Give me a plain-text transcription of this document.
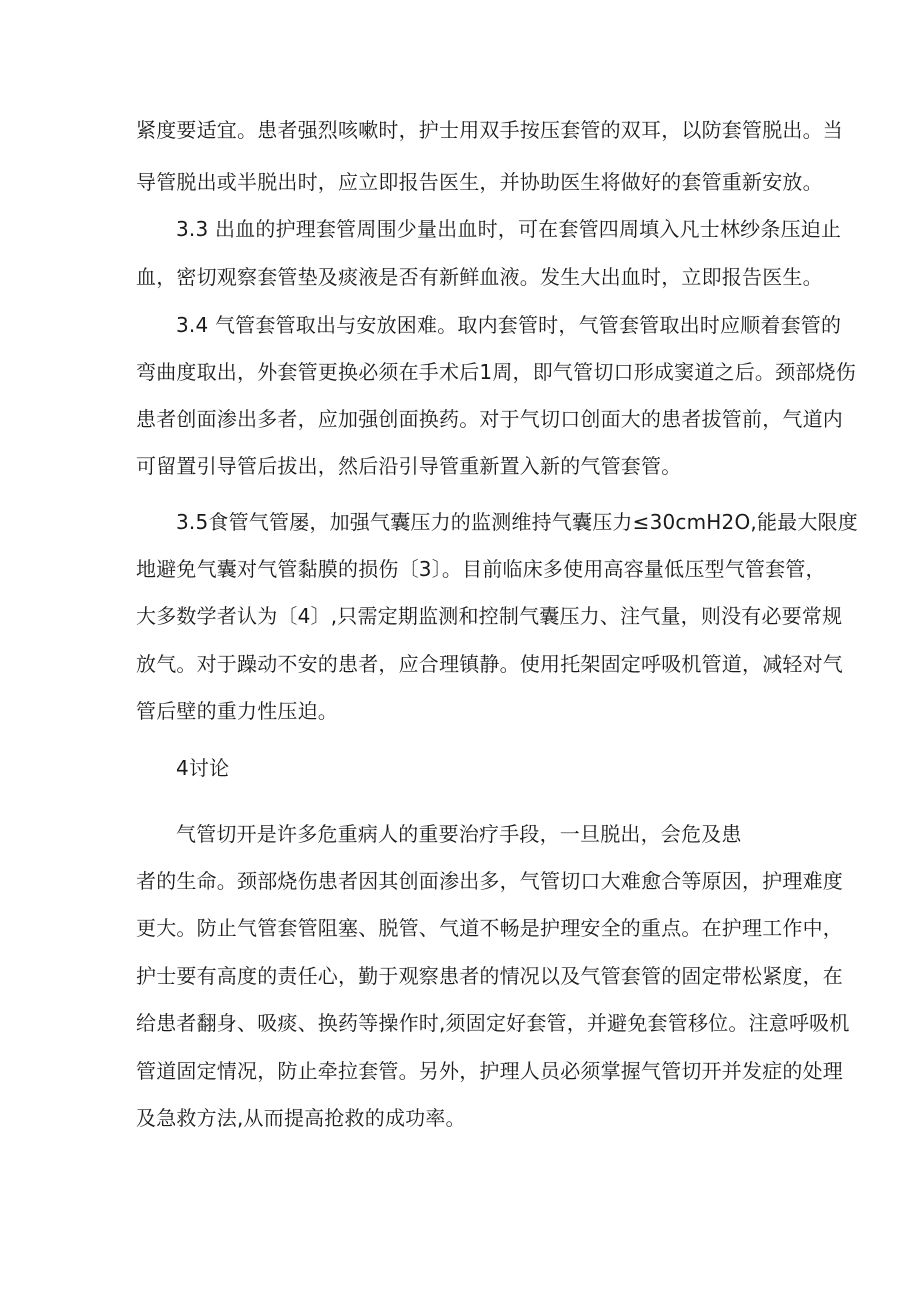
紧度要适宜。患者强烈咳嗽时，护士用双手按压套管的双耳，以防套管脱出。当
导管脱出或半脱出时，应立即报告医生，并协助医生将做好的套管重新安放。
3.3 出血的护理套管周围少量出血时，可在套管四周填入凡士林纱条压迫止
血，密切观察套管垫及痰液是否有新鲜血液。发生大出血时，立即报告医生。
3.4 气管套管取出与安放困难。取内套管时，气管套管取出时应顺着套管的
弯曲度取出，外套管更换必须在手术后1周，即气管切口形成窦道之后。颈部烧伤
患者创面渗出多者，应加强创面换药。对于气切口创面大的患者拔管前，气道内
可留置引导管后拔出，然后沿引导管重新置入新的气管套管。
3.5食管气管屡，加强气囊压力的监测维持气囊压力≤30cmH2O,能最大限度
地避免气囊对气管黏膜的损伤〔3〕。目前临床多使用高容量低压型气管套管，
大多数学者认为〔4〕,只需定期监测和控制气囊压力、注气量，则没有必要常规
放气。对于躁动不安的患者，应合理镇静。使用托架固定呼吸机管道，减轻对气
管后壁的重力性压迫。
4讨论
气管切开是许多危重病人的重要治疗手段，一旦脱出，会危及患
者的生命。颈部烧伤患者因其创面渗出多，气管切口大难愈合等原因，护理难度
更大。防止气管套管阻塞、脱管、气道不畅是护理安全的重点。在护理工作中，
护士要有高度的责任心，勤于观察患者的情况以及气管套管的固定带松紧度，在
给患者翻身、吸痰、换药等操作时,须固定好套管，并避免套管移位。注意呼吸机
管道固定情况，防止牵拉套管。另外，护理人员必须掌握气管切开并发症的处理
及急救方法,从而提高抢救的成功率。
